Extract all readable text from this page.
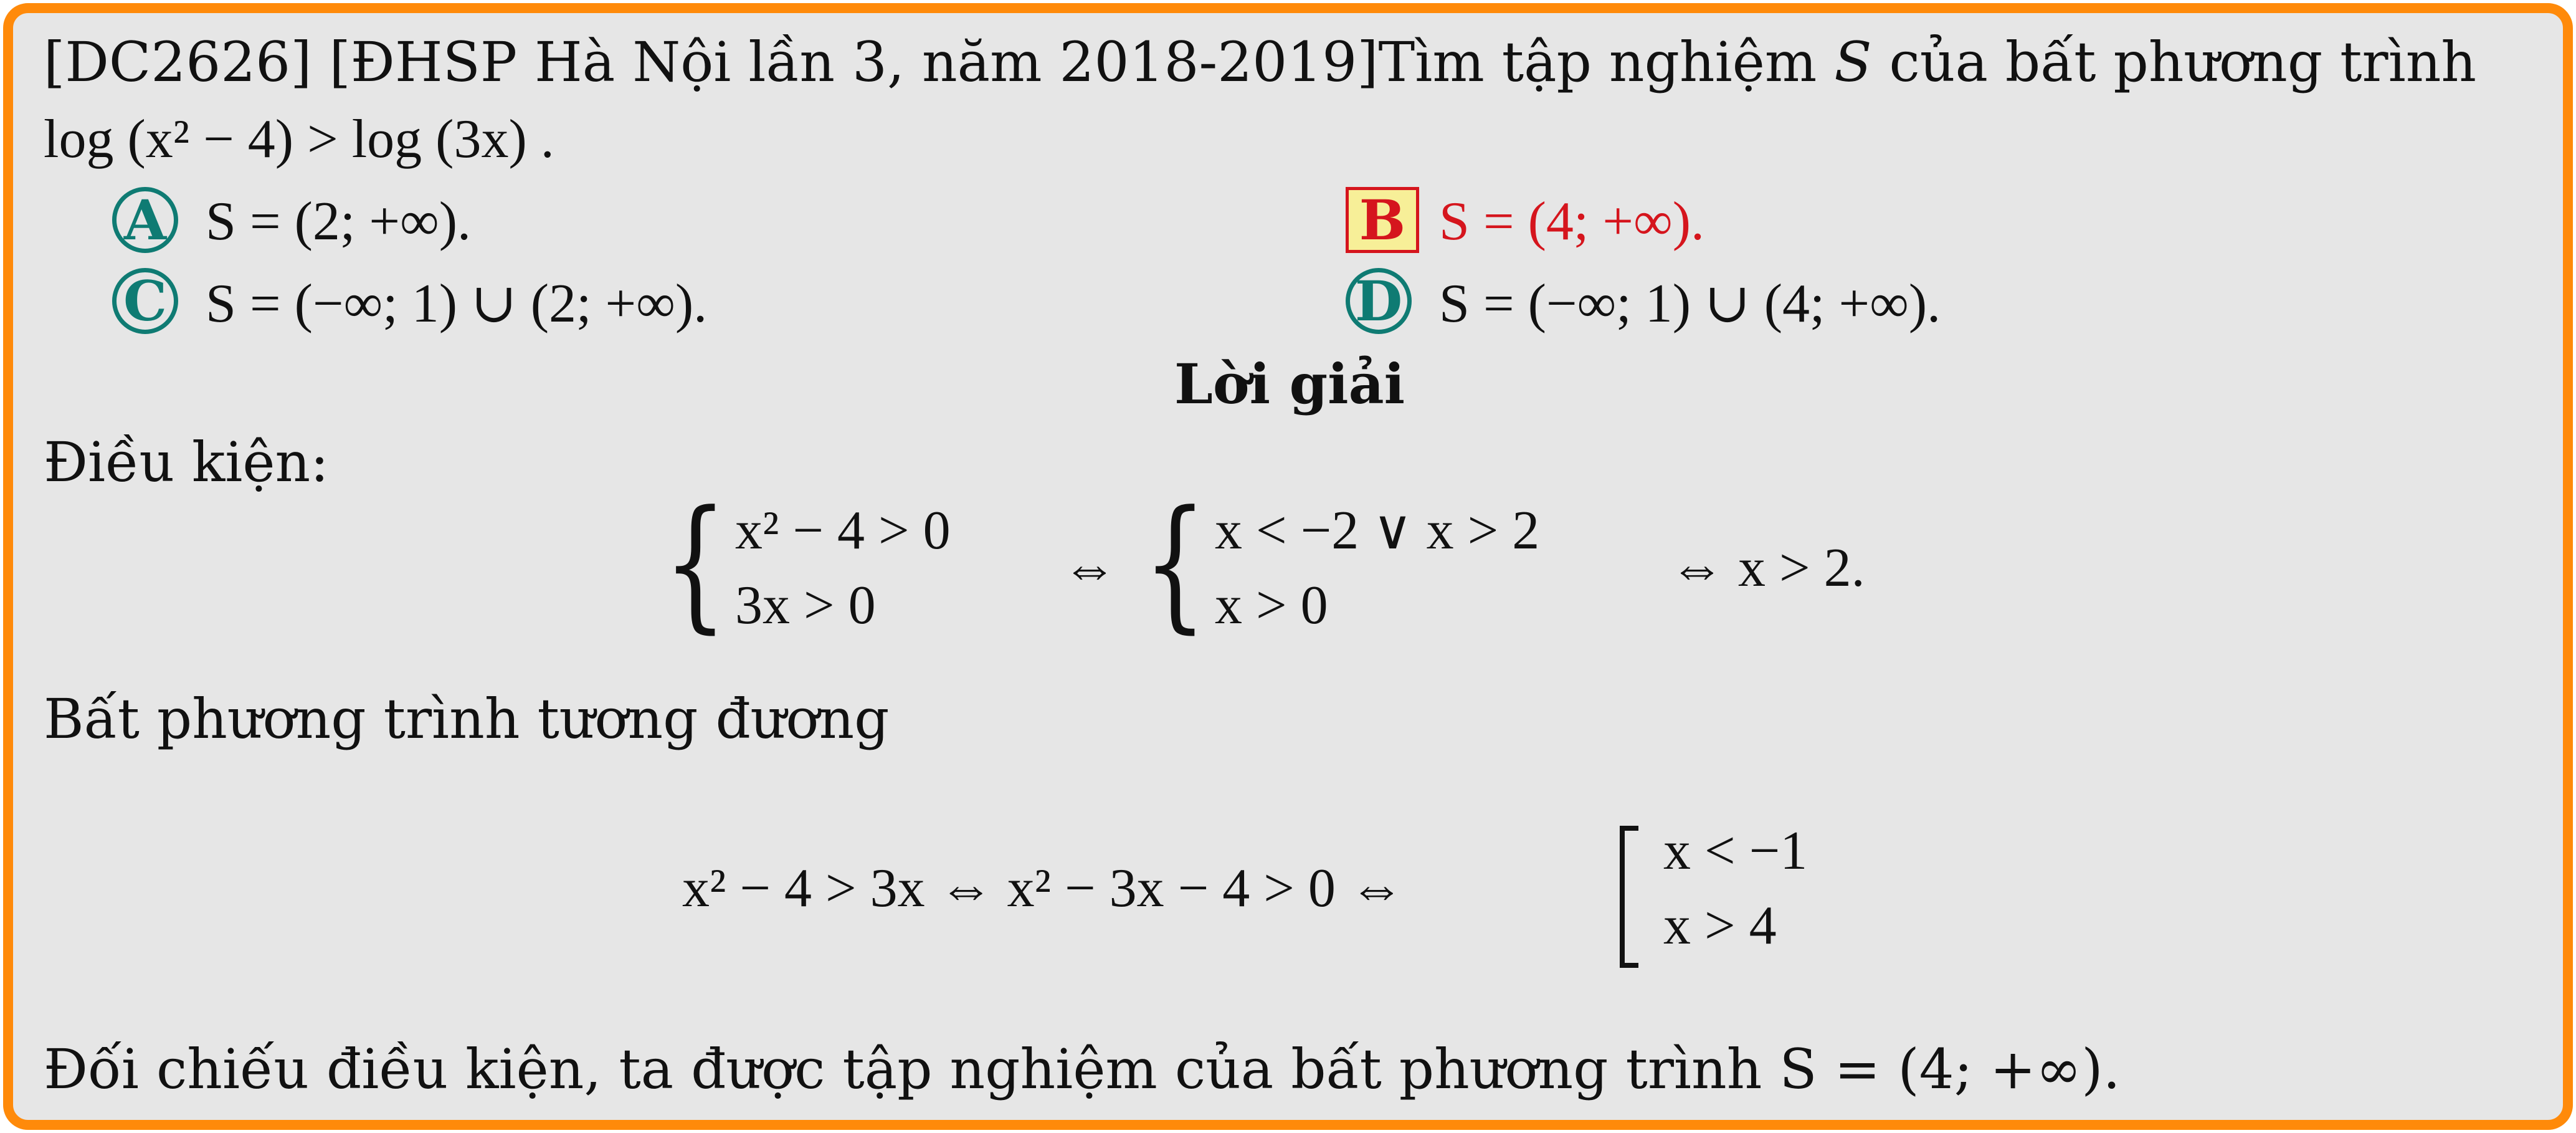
[DC2626] [ĐHSP Hà Nội lần 3, năm 2018-2019]Tìm tập nghiệm S của bất phương trình
log (x² − 4) > log (3x) .
A S = (2; +∞).	B S = (4; +∞).
C S = (−∞; 1) ∪ (2; +∞).	D S = (−∞; 1) ∪ (4; +∞).
Lời giải
Điều kiện:
{ x² − 4 > 0
3x > 0
⇔ { x < −2 ∨ x > 2
x > 0
⇔ x > 2.
Bất phương trình tương đương
x² − 4 > 3x ⇔ x² − 3x − 4 > 0 ⇔
x < −1
x > 4
Đối chiếu điều kiện, ta được tập nghiệm của bất phương trình S = (4; +∞).
